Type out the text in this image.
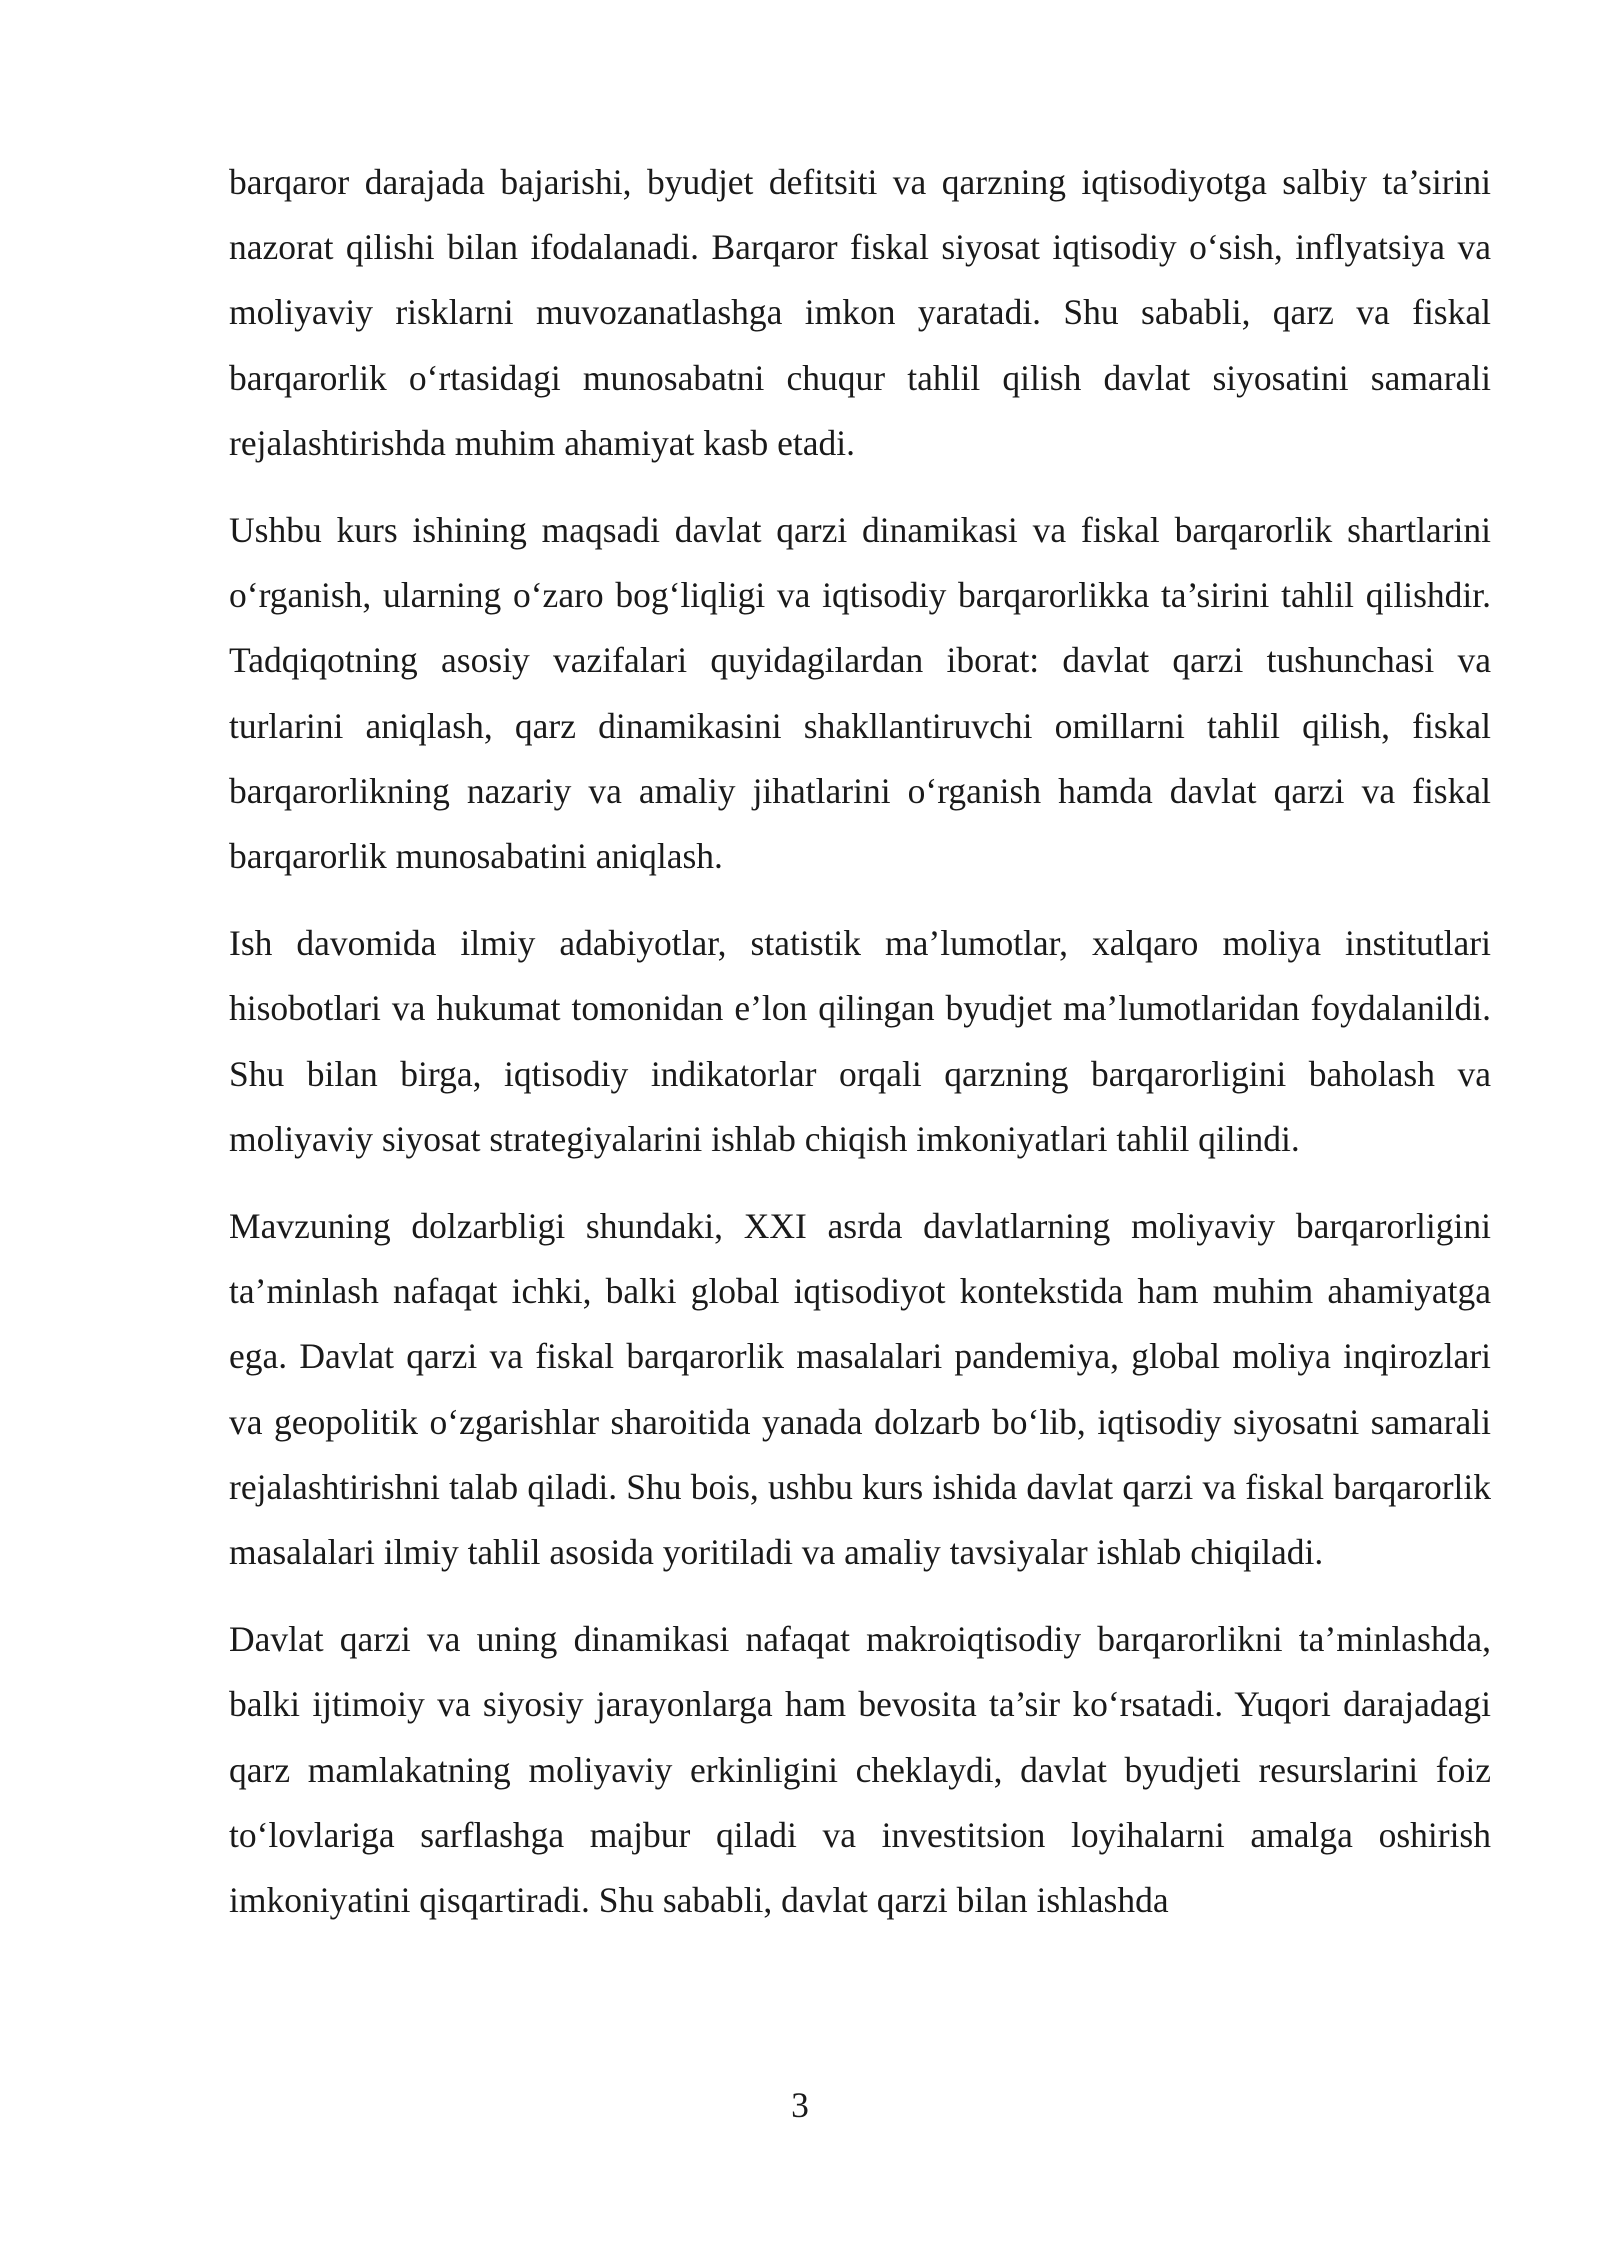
barqaror darajada bajarishi, byudjet defitsiti va qarzning iqtisodiyotga salbiy ta’sirini nazorat qilishi bilan ifodalanadi. Barqaror fiskal siyosat iqtisodiy o‘sish, inflyatsiya va moliyaviy risklarni muvozanatlashga imkon yaratadi. Shu sababli, qarz va fiskal barqarorlik o‘rtasidagi munosabatni chuqur tahlil qilish davlat siyosatini samarali rejalashtirishda muhim ahamiyat kasb etadi.

Ushbu kurs ishining maqsadi davlat qarzi dinamikasi va fiskal barqarorlik shartlarini o‘rganish, ularning o‘zaro bog‘liqligi va iqtisodiy barqarorlikka ta’sirini tahlil qilishdir. Tadqiqotning asosiy vazifalari quyidagilardan iborat: davlat qarzi tushunchasi va turlarini aniqlash, qarz dinamikasini shakllantiruvchi omillarni tahlil qilish, fiskal barqarorlikning nazariy va amaliy jihatlarini o‘rganish hamda davlat qarzi va fiskal barqarorlik munosabatini aniqlash.

Ish davomida ilmiy adabiyotlar, statistik ma’lumotlar, xalqaro moliya institutlari hisobotlari va hukumat tomonidan e’lon qilingan byudjet ma’lumotlaridan foydalanildi. Shu bilan birga, iqtisodiy indikatorlar orqali qarzning barqarorligini baholash va moliyaviy siyosat strategiyalarini ishlab chiqish imkoniyatlari tahlil qilindi.

Mavzuning dolzarbligi shundaki, XXI asrda davlatlarning moliyaviy barqarorligini ta’minlash nafaqat ichki, balki global iqtisodiyot kontekstida ham muhim ahamiyatga ega. Davlat qarzi va fiskal barqarorlik masalalari pandemiya, global moliya inqirozlari va geopolitik o‘zgarishlar sharoitida yanada dolzarb bo‘lib, iqtisodiy siyosatni samarali rejalashtirishni talab qiladi. Shu bois, ushbu kurs ishida davlat qarzi va fiskal barqarorlik masalalari ilmiy tahlil asosida yoritiladi va amaliy tavsiyalar ishlab chiqiladi.

Davlat qarzi va uning dinamikasi nafaqat makroiqtisodiy barqarorlikni ta’minlashda, balki ijtimoiy va siyosiy jarayonlarga ham bevosita ta’sir ko‘rsatadi. Yuqori darajadagi qarz mamlakatning moliyaviy erkinligini cheklaydi, davlat byudjeti resurslarini foiz to‘lovlariga sarflashga majbur qiladi va investitsion loyihalarni amalga oshirish imkoniyatini qisqartiradi. Shu sababli, davlat qarzi bilan ishlashda

3
